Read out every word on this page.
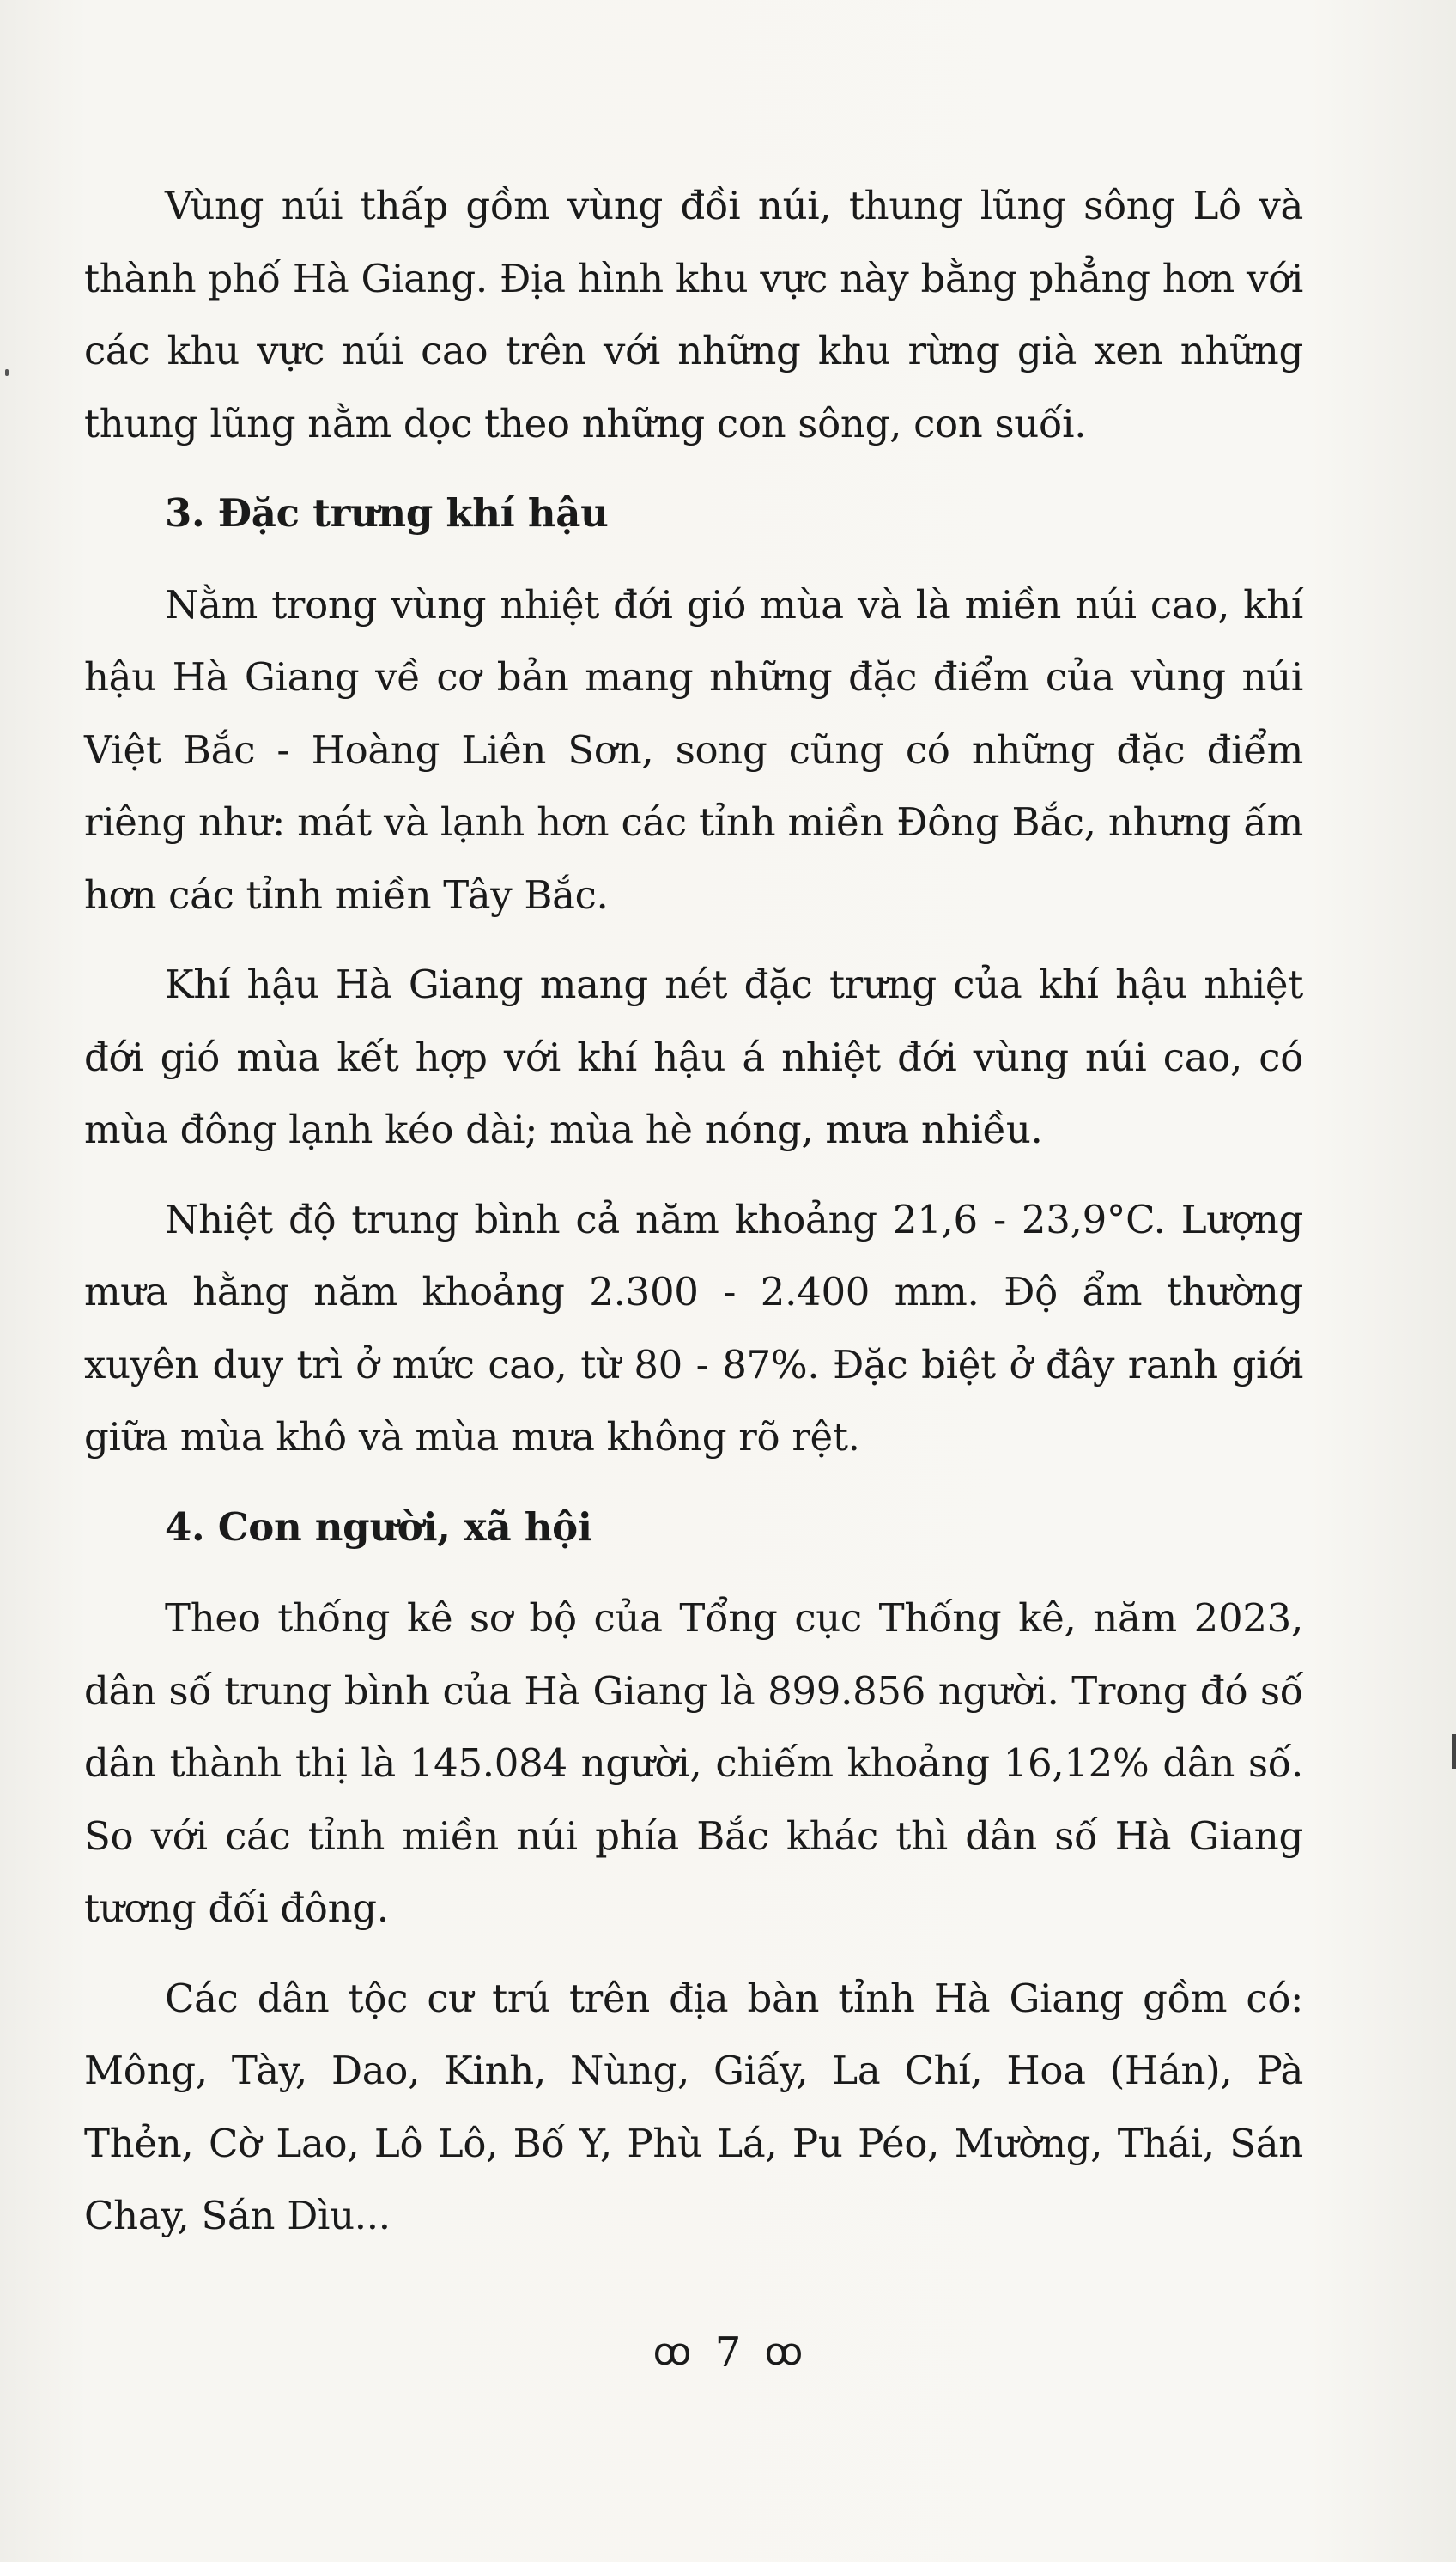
Vùng núi thấp gồm vùng đồi núi, thung lũng sông Lô và thành phố Hà Giang. Địa hình khu vực này bằng phẳng hơn với các khu vực núi cao trên với những khu rừng già xen những thung lũng nằm dọc theo những con sông, con suối.

3. Đặc trưng khí hậu

Nằm trong vùng nhiệt đới gió mùa và là miền núi cao, khí hậu Hà Giang về cơ bản mang những đặc điểm của vùng núi Việt Bắc - Hoàng Liên Sơn, song cũng có những đặc điểm riêng như: mát và lạnh hơn các tỉnh miền Đông Bắc, nhưng ấm hơn các tỉnh miền Tây Bắc.

Khí hậu Hà Giang mang nét đặc trưng của khí hậu nhiệt đới gió mùa kết hợp với khí hậu á nhiệt đới vùng núi cao, có mùa đông lạnh kéo dài; mùa hè nóng, mưa nhiều.

Nhiệt độ trung bình cả năm khoảng 21,6 - 23,9°C. Lượng mưa hằng năm khoảng 2.300 - 2.400 mm. Độ ẩm thường xuyên duy trì ở mức cao, từ 80 - 87%. Đặc biệt ở đây ranh giới giữa mùa khô và mùa mưa không rõ rệt.

4. Con người, xã hội

Theo thống kê sơ bộ của Tổng cục Thống kê, năm 2023, dân số trung bình của Hà Giang là 899.856 người. Trong đó số dân thành thị là 145.084 người, chiếm khoảng 16,12% dân số. So với các tỉnh miền núi phía Bắc khác thì dân số Hà Giang tương đối đông.

Các dân tộc cư trú trên địa bàn tỉnh Hà Giang gồm có: Mông, Tày, Dao, Kinh, Nùng, Giấy, La Chí, Hoa (Hán), Pà Thẻn, Cờ Lao, Lô Lô, Bố Y, Phù Lá, Pu Péo, Mường, Thái, Sán Chay, Sán Dìu...

ꝏ 7 ꝏ
